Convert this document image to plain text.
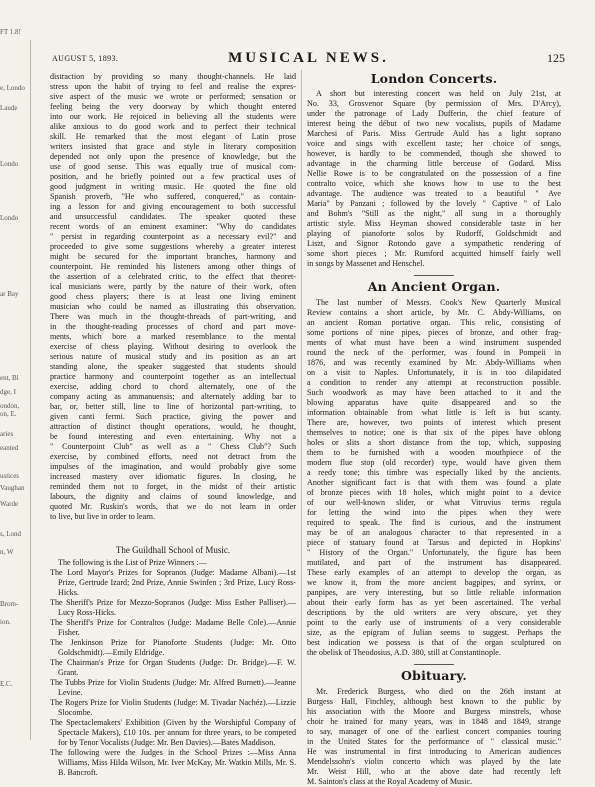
FT 1.8!
e, Londo
Laude
Londo
Londo
ar Bay
ent, Bl
dge, I
ondon,
on, E.
aries
eanted
ustices
Vaughan
Warde
s, Lond
n, W
Brom-
ion.
E.C.
AUGUST 5, 1893.	MUSICAL NEWS.	125
distraction by providing so many thought-channels. He laid
stress upon the habit of trying to feel and realise the expres-
sive aspect of the music we wrote or performed; sensation or
feeling being the very doorway by which thought entered
into our work. He rejoiced in believing all the students were
alike anxious to do good work and to perfect their technical
skill. He remarked that the most elegant of Latin prose
writers insisted that grace and style in literary composition
depended not only upon the presence of knowledge, but the
use of good sense. This was equally true of musical com-
position, and he briefly pointed out a few practical uses of
good judgment in writing music. He quoted the fine old
Spanish proverb, "He who suffered, conquered," as contain-
ing a lesson for and giving encouragement to both successful
and unsuccessful candidates. The speaker quoted these
recent words of an eminent examiner: "Why do candidates
" persist in regarding counterpoint as a necessary evil?" and
proceeded to give some suggestions whereby a greater interest
might be secured for the important branches, harmony and
counterpoint. He reminded his listeners among other things of
the assertion of a celebrated critic, to the effect that theoret-
ical musicians were, partly by the nature of their work, often
good chess players; there is at least one living eminent
musician who could be named as illustrating this observation.
There was much in the thought-threads of part-writing, and
in the thought-reading processes of chord and part move-
ments, which bore a marked resemblance to the mental
exercise of chess playing. Without desiring to overlook the
serious nature of musical study and its position as an art
standing alone, the speaker suggested that students should
practice harmony and counterpoint together as an intellectual
exercise, adding chord to chord alternately, one of the
company acting as ammanuensis; and alternately adding bar to
bar, or, better still, line to line of horizontal part-writing, to
given canti fermi. Such practice, giving the power and
attraction of distinct thought operations, would, he thought,
be found interesting and even entertaining. Why not a
" Counterpoint Club" as well as a " Chess Club"? Such
exercise, by combined efforts, need not detract from the
impulses of the imagination, and would probably give some
increased mastery over idiomatic figures. In closing, he
reminded them not to forget, in the midst of their artistic
labours, the dignity and claims of sound knowledge, and
quoted Mr. Ruskin's words, that we do not learn in order
to live, but live in order to learn.

The Guildhall School of Music.

The following is the List of Prize Winners :—

The Lord Mayor's Prizes for Sopranos (Judge: Madame Albani).—1st Prize, Gertrude Izard; 2nd Prize, Annie Swinfen ; 3rd Prize, Lucy Ross-Hicks.

The Sheriff's Prize for Mezzo-Sopranos (Judge: Miss Esther Palliser).—Lucy Ross-Hicks.

The Sheriff's Prize for Contraltos (Judge: Madame Belle Cole).—Annie Fisher.

The Jenkinson Prize for Pianoforte Students (Judge: Mr. Otto Goldschmidt).—Emily Eldridge.

The Chairman's Prize for Organ Students (Judge: Dr. Bridge).—F. W. Grant.

The Tubbs Prize for Violin Students (Judge: Mr. Alfred Burnett).—Jeanne Levine.

The Rogers Prize for Violin Students (Judge: M. Tivadar Nachéz).—Lizzie Slocombe.

The Spectaclemakers' Exhibition (Given by the Worshipful Company of Spectacle Makers), £10 10s. per annum for three years, to be competed for by Tenor Vocalists (Judge: Mr. Ben Davies).—Bates Maddison.

The following were the Judges in the School Prizes :—Miss Anna Williams, Miss Hilda Wilson, Mr. Iver McKay, Mr. Watkin Mills, Mr. S. B. Bancroft.

London Concerts.

A short but interesting concert was held on July 21st, at
No. 33, Grosvenor Square (by permission of Mrs. D'Arcy),
under the patronage of Lady Dufferin, the chief feature of
interest being the début of two new vocalists, pupils of Madame
Marchesi of Paris. Miss Gertrude Auld has a light soprano
voice and sings with excellent taste; her choice of songs,
however, is hardly to be commended, though she showed to
advantage in the charming little berceuse of Godard. Miss
Nellie Rowe is to be congratulated on the possession of a fine
contralto voice, which she knows how to use to the best
advantage. The audience was treated to a beautiful " Ave
Maria" by Panzani ; followed by the lovely " Captive " of Lalo
and Bohm's "Still as the night," all sung in a thoroughly
artistic style. Miss Heyman showed considerable taste in her
playing of pianoforte solos by Rudorff, Goldschmidt and
Liszt, and Signor Rotondo gave a sympathetic rendering of
some short pieces ; Mr. Rumford acquitted himself fairly well
in songs by Massenet and Henschel.

An Ancient Organ.

The last number of Messrs. Cook's New Quarterly Musical
Review contains a short article, by Mr. C. Abdy-Williams, on
an ancient Roman portative organ. This relic, consisting of
some portions of nine pipes, pieces of bronze, and other frag-
ments of what must have been a wind instrument suspended
round the neck of the performer, was found in Pompeii in
1876, and was recently examined by Mr. Abdy-Williams when
on a visit to Naples. Unfortunately, it is in too dilapidated
a condition to render any attempt at reconstruction possible.
Such woodwork as may have been attached to it and the
blowing apparatus have quite disappeared and so the
information obtainable from what little is left is but scanty.
There are, however, two points of interest which present
themselves to notice; one is that six of the pipes have oblong
holes or slits a short distance from the top, which, supposing
them to be furnished with a wooden mouthpiece of the
modern flue stop (old recorder) type, would have given them
a reedy tone; this timbre was especially liked by the ancients.
Another significant fact is that with them was found a plate
of bronze pieces with 18 holes, which might point to a device
of our well-known slider, or what Vitruvius terms regula
for letting the wind into the pipes when they were
required to speak. The find is curious, and the instrument
may be of an analogous character to that represented in a
piece of statuary found at Tarsus and depicted in Hopkins'
" History of the Organ." Unfortunately, the figure has been
mutilated, and part of the instrument has disappeared.
These early examples of an attempt to develop the organ, as
we know it, from the more ancient bagpipes, and syrinx, or
panpipes, are very interesting, but so little reliable information
about their early form has as yet been ascertained. The verbal
descriptions by the old writers are very obscure, yet they
point to the early use of instruments of a very considerable
size, as the epigram of Julian seems to suggest. Perhaps the
best indication we possess is that of the organ sculptured on
the obelisk of Theodosius, A.D. 380, still at Constantinople.

Obituary.

Mr. Frederick Burgess, who died on the 26th instant at
Burgess Hall, Finchley, although best known to the public by
his association with the Moore and Burgess minstrels, whose
choir he trained for many years, was in 1848 and 1849, strange
to say, manager of one of the earliest concert companies touring
in the United States for the performance of " classical music."
He was instrumental in first introducing to American audiences
Mendelssohn's violin concerto which was played by the late
Mr. Weist Hill, who at the above date had recently left
M. Sainton's class at the Royal Academy of Music.
